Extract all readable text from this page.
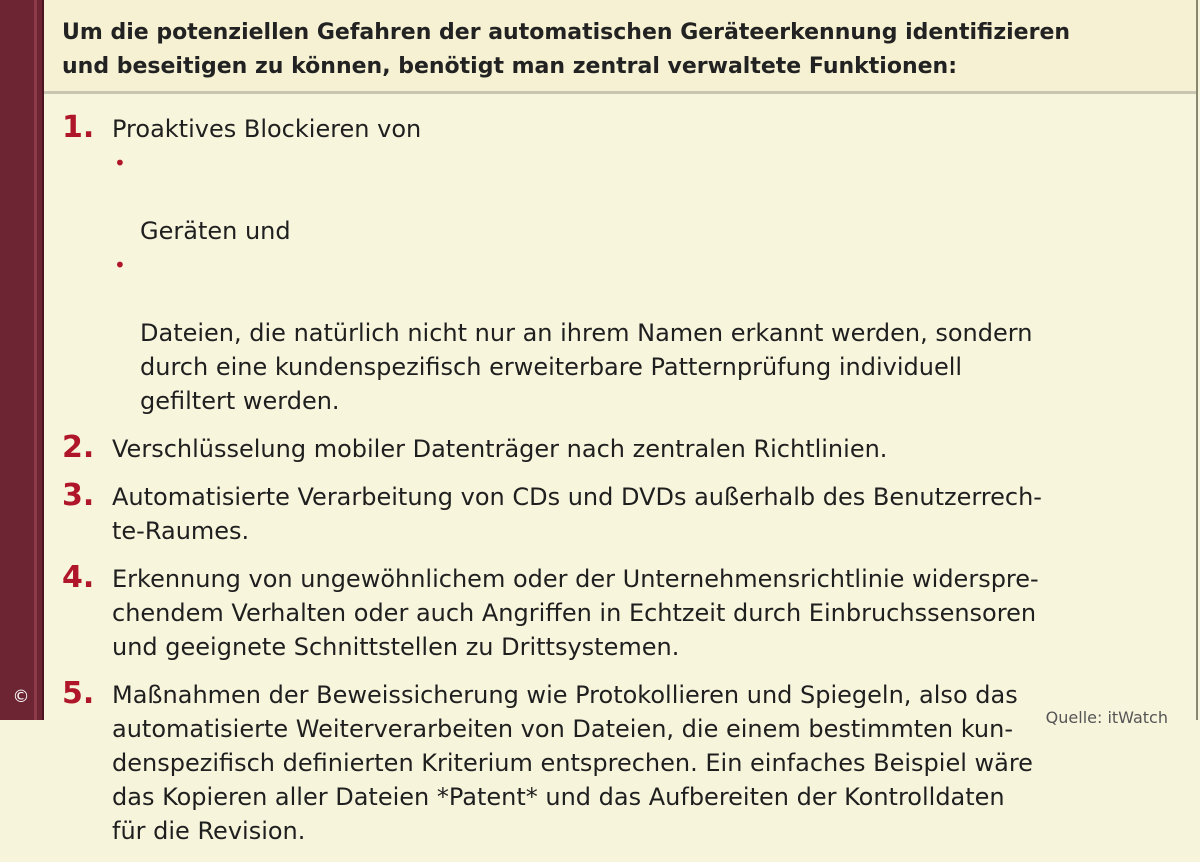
©
Um die potenziellen Gefahren der automatischen Geräteerkennung identifizieren
und beseitigen zu können, benötigt man zentral verwaltete Funktionen:
1. Proaktives Blockieren von

•

Geräten und

•

Dateien, die natürlich nicht nur an ihrem Namen erkannt werden, sondern
durch eine kundenspezifisch erweiterbare Patternprüfung individuell
gefiltert werden.

2. Verschlüsselung mobiler Datenträger nach zentralen Richtlinien.
3. Automatisierte Verarbeitung von CDs und DVDs außerhalb des Benutzerrech-
te-Raumes.
4. Erkennung von ungewöhnlichem oder der Unternehmensrichtlinie widerspre-
chendem Verhalten oder auch Angriffen in Echtzeit durch Einbruchssensoren
und geeignete Schnittstellen zu Drittsystemen.
5. Maßnahmen der Beweissicherung wie Protokollieren und Spiegeln, also das
automatisierte Weiterverarbeiten von Dateien, die einem bestimmten kun-
denspezifisch definierten Kriterium entsprechen. Ein einfaches Beispiel wäre
das Kopieren aller Dateien *Patent* und das Aufbereiten der Kontrolldaten
für die Revision.
Quelle: itWatch
